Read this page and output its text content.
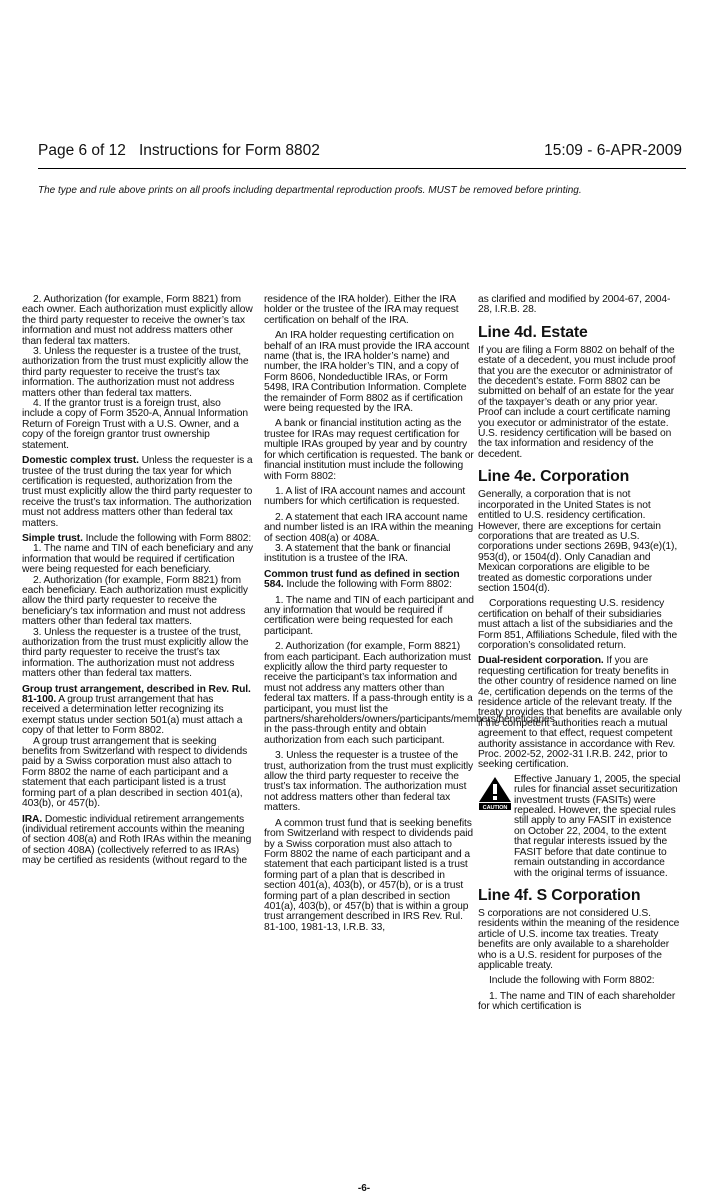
Page 6 of 12 Instructions for Form 8802	15:09 - 6-APR-2009
The type and rule above prints on all proofs including departmental reproduction proofs. MUST be removed before printing.

2. Authorization (for example, Form 8821) from each owner. Each authorization must explicitly allow the third party requester to receive the owner’s tax information and must not address matters other than federal tax matters.

3. Unless the requester is a trustee of the trust, authorization from the trust must explicitly allow the third party requester to receive the trust’s tax information. The authorization must not address matters other than federal tax matters.

4. If the grantor trust is a foreign trust, also include a copy of Form 3520-A, Annual Information Return of Foreign Trust with a U.S. Owner, and a copy of the foreign grantor trust ownership statement.

Domestic complex trust. Unless the requester is a trustee of the trust during the tax year for which certification is requested, authorization from the trust must explicitly allow the third party requester to receive the trust’s tax information. The authorization must not address matters other than federal tax matters.

Simple trust. Include the following with Form 8802:

1. The name and TIN of each beneficiary and any information that would be required if certification were being requested for each beneficiary.

2. Authorization (for example, Form 8821) from each beneficiary. Each authorization must explicitly allow the third party requester to receive the beneficiary’s tax information and must not address matters other than federal tax matters.

3. Unless the requester is a trustee of the trust, authorization from the trust must explicitly allow the third party requester to receive the trust’s tax information. The authorization must not address matters other than federal tax matters.

Group trust arrangement, described in Rev. Rul. 81-100. A group trust arrangement that has received a determination letter recognizing its exempt status under section 501(a) must attach a copy of that letter to Form 8802.

A group trust arrangement that is seeking benefits from Switzerland with respect to dividends paid by a Swiss corporation must also attach to Form 8802 the name of each participant and a statement that each participant listed is a trust forming part of a plan described in section 401(a), 403(b), or 457(b).

IRA. Domestic individual retirement arrangements (individual retirement accounts within the meaning of section 408(a) and Roth IRAs within the meaning of section 408A) (collectively referred to as IRAs) may be certified as residents (without regard to the

residence of the IRA holder). Either the IRA holder or the trustee of the IRA may request certification on behalf of the IRA.

An IRA holder requesting certification on behalf of an IRA must provide the IRA account name (that is, the IRA holder’s name) and number, the IRA holder’s TIN, and a copy of Form 8606, Nondeductible IRAs, or Form 5498, IRA Contribution Information. Complete the remainder of Form 8802 as if certification were being requested by the IRA.

A bank or financial institution acting as the trustee for IRAs may request certification for multiple IRAs grouped by year and by country for which certification is requested. The bank or financial institution must include the following with Form 8802:

1. A list of IRA account names and account numbers for which certification is requested.

2. A statement that each IRA account name and number listed is an IRA within the meaning of section 408(a) or 408A.

3. A statement that the bank or financial institution is a trustee of the IRA.

Common trust fund as defined in section 584. Include the following with Form 8802:

1. The name and TIN of each participant and any information that would be required if certification were being requested for each participant.

2. Authorization (for example, Form 8821) from each participant. Each authorization must explicitly allow the third party requester to receive the participant’s tax information and must not address any matters other than federal tax matters. If a pass-through entity is a participant, you must list the partners/shareholders/owners/participants/members/beneficiaries in the pass-through entity and obtain authorization from each such participant.

3. Unless the requester is a trustee of the trust, authorization from the trust must explicitly allow the third party requester to receive the trust’s tax information. The authorization must not address matters other than federal tax matters.

A common trust fund that is seeking benefits from Switzerland with respect to dividends paid by a Swiss corporation must also attach to Form 8802 the name of each participant and a statement that each participant listed is a trust forming part of a plan that is described in section 401(a), 403(b), or 457(b), or is a trust forming part of a plan described in section 401(a), 403(b), or 457(b) that is within a group trust arrangement described in IRS Rev. Rul. 81-100, 1981-13, I.R.B. 33,

as clarified and modified by 2004-67, 2004-28, I.R.B. 28.

Line 4d. Estate

If you are filing a Form 8802 on behalf of the estate of a decedent, you must include proof that you are the executor or administrator of the decedent’s estate. Form 8802 can be submitted on behalf of an estate for the year of the taxpayer’s death or any prior year. Proof can include a court certificate naming you executor or administrator of the estate. U.S. residency certification will be based on the tax information and residency of the decedent.

Line 4e. Corporation

Generally, a corporation that is not incorporated in the United States is not entitled to U.S. residency certification. However, there are exceptions for certain corporations that are treated as U.S. corporations under sections 269B, 943(e)(1), 953(d), or 1504(d). Only Canadian and Mexican corporations are eligible to be treated as domestic corporations under section 1504(d).

Corporations requesting U.S. residency certification on behalf of their subsidiaries must attach a list of the subsidiaries and the Form 851, Affiliations Schedule, filed with the corporation’s consolidated return.

Dual-resident corporation. If you are requesting certification for treaty benefits in the other country of residence named on line 4e, certification depends on the terms of the residence article of the relevant treaty. If the treaty provides that benefits are available only if the competent authorities reach a mutual agreement to that effect, request competent authority assistance in accordance with Rev. Proc. 2002-52, 2002-31 I.R.B. 242, prior to seeking certification.

CAUTION

Effective January 1, 2005, the special rules for financial asset securitization investment trusts (FASITs) were repealed. However, the special rules still apply to any FASIT in existence on October 22, 2004, to the extent that regular interests issued by the FASIT before that date continue to remain outstanding in accordance with the original terms of issuance.

Line 4f. S Corporation

S corporations are not considered U.S. residents within the meaning of the residence article of U.S. income tax treaties. Treaty benefits are only available to a shareholder who is a U.S. resident for purposes of the applicable treaty.

Include the following with Form 8802:

1. The name and TIN of each shareholder for which certification is

-6-
